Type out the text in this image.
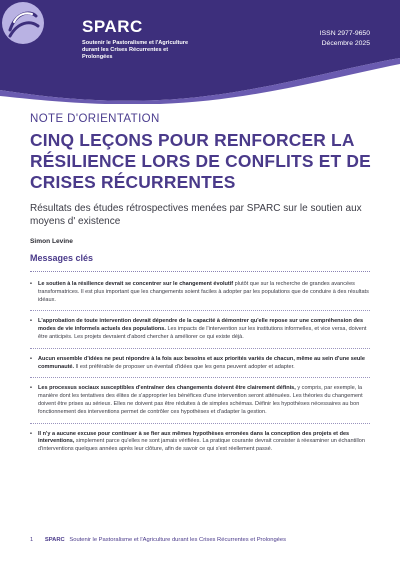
SPARC
Soutenir le Pastoralisme et l'Agriculture durant les Crises Récurrentes et Prolongées
ISSN 2977-9650
Décembre 2025
NOTE D'ORIENTATION
CINQ LEÇONS POUR RENFORCER LA RÉSILIENCE LORS DE CONFLITS ET DE CRISES RÉCURRENTES
Résultats des études rétrospectives menées par SPARC sur le soutien aux moyens d' existence
Simon Levine
Messages clés
• Le soutien à la résilience devrait se concentrer sur le changement évolutif plutôt que sur la recherche de grandes avancées transformatrices. Il est plus important que les changements soient faciles à adopter par les populations que de conduire à des résultats idéaux.
• L'approbation de toute intervention devrait dépendre de la capacité à démontrer qu'elle repose sur une compréhension des modes de vie informels actuels des populations. Les impacts de l'intervention sur les institutions informelles, et vice versa, doivent être anticipés. Les projets devraient d'abord chercher à améliorer ce qui existe déjà.
• Aucun ensemble d'idées ne peut répondre à la fois aux besoins et aux priorités variés de chacun, même au sein d'une seule communauté. Il est préférable de proposer un éventail d'idées que les gens peuvent adopter et adapter.
• Les processus sociaux susceptibles d'entraîner des changements doivent être clairement définis, y compris, par exemple, la manière dont les tentatives des élites de s'approprier les bénéfices d'une intervention seront atténuées. Les théories du changement doivent être prises au sérieux. Elles ne doivent pas être réduites à de simples schémas. Définir les hypothèses nécessaires au bon fonctionnement des interventions permet de contrôler ces hypothèses et d'adapter la gestion.
• Il n'y a aucune excuse pour continuer à se fier aux mêmes hypothèses erronées dans la conception des projets et des interventions, simplement parce qu'elles ne sont jamais vérifiées. La pratique courante devrait consister à réexaminer un échantillon d'interventions quelques années après leur clôture, afin de savoir ce qui s'est réellement passé.
1 SPARC Soutenir le Pastoralisme et l'Agriculture durant les Crises Récurrentes et Prolongées
